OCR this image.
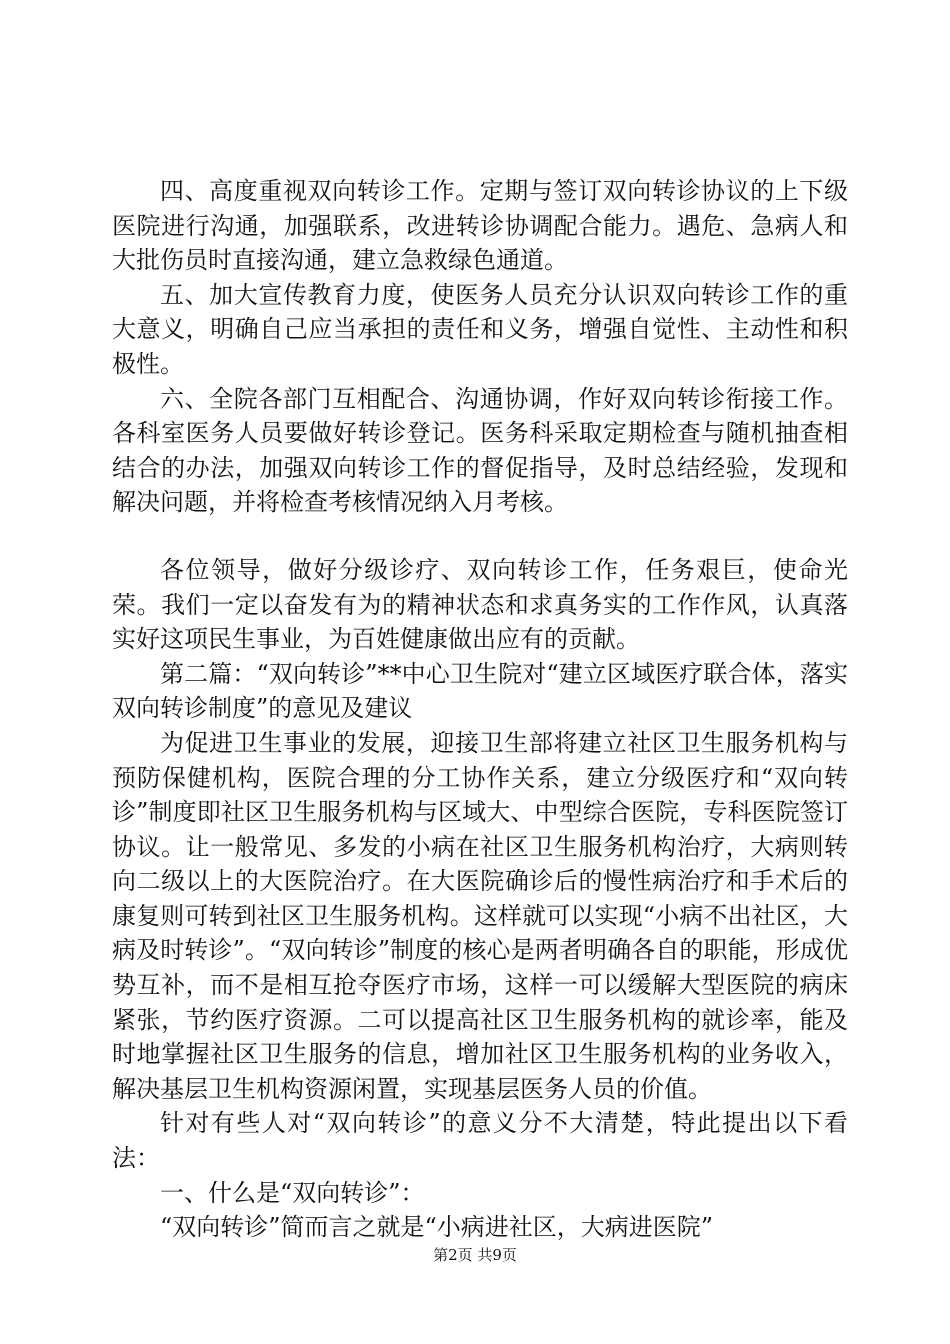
四、高度重视双向转诊工作。定期与签订双向转诊协议的上下级医院进行沟通，加强联系，改进转诊协调配合能力。遇危、急病人和大批伤员时直接沟通，建立急救绿色通道。

五、加大宣传教育力度，使医务人员充分认识双向转诊工作的重大意义，明确自己应当承担的责任和义务，增强自觉性、主动性和积极性。

六、全院各部门互相配合、沟通协调，作好双向转诊衔接工作。各科室医务人员要做好转诊登记。医务科采取定期检查与随机抽查相结合的办法，加强双向转诊工作的督促指导，及时总结经验，发现和解决问题，并将检查考核情况纳入月考核。

各位领导，做好分级诊疗、双向转诊工作，任务艰巨，使命光荣。我们一定以奋发有为的精神状态和求真务实的工作作风，认真落实好这项民生事业，为百姓健康做出应有的贡献。

第二篇：“双向转诊”**中心卫生院对“建立区域医疗联合体，落实双向转诊制度”的意见及建议

为促进卫生事业的发展，迎接卫生部将建立社区卫生服务机构与预防保健机构，医院合理的分工协作关系，建立分级医疗和“双向转诊”制度即社区卫生服务机构与区域大、中型综合医院，专科医院签订协议。让一般常见、多发的小病在社区卫生服务机构治疗，大病则转向二级以上的大医院治疗。在大医院确诊后的慢性病治疗和手术后的康复则可转到社区卫生服务机构。这样就可以实现“小病不出社区，大病及时转诊”。“双向转诊”制度的核心是两者明确各自的职能，形成优势互补，而不是相互抢夺医疗市场，这样一可以缓解大型医院的病床紧张，节约医疗资源。二可以提高社区卫生服务机构的就诊率，能及时地掌握社区卫生服务的信息，增加社区卫生服务机构的业务收入，解决基层卫生机构资源闲置，实现基层医务人员的价值。

针对有些人对“双向转诊”的意义分不大清楚，特此提出以下看法：

一、什么是“双向转诊”：

“双向转诊”简而言之就是“小病进社区，大病进医院”

第2页 共9页
